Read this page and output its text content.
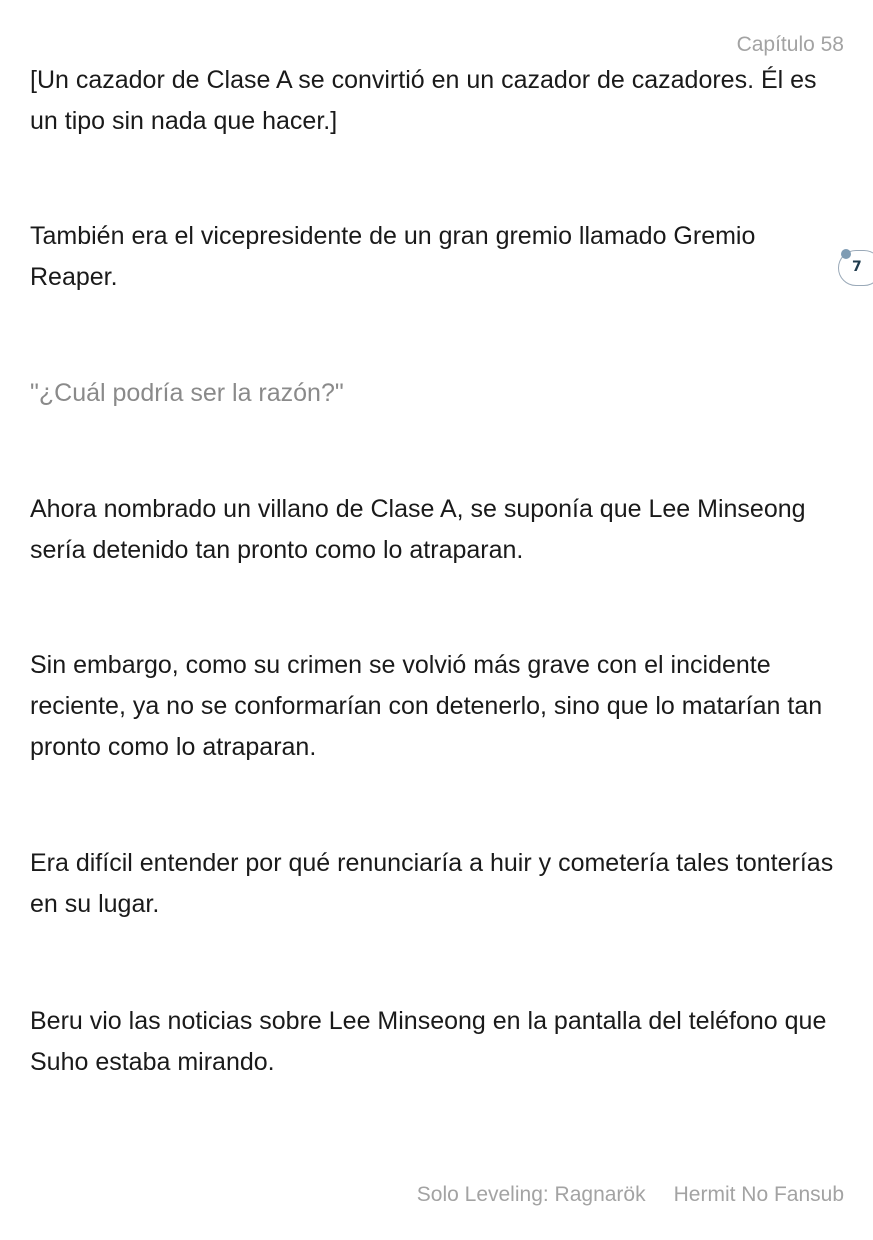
Capítulo 58

[Un cazador de Clase A se convirtió en un cazador de cazadores. Él es un tipo sin nada que hacer.]

También era el vicepresidente de un gran gremio llamado Gremio Reaper.

"¿Cuál podría ser la razón?"

Ahora nombrado un villano de Clase A, se suponía que Lee Minseong sería detenido tan pronto como lo atraparan.

Sin embargo, como su crimen se volvió más grave con el incidente reciente, ya no se conformarían con detenerlo, sino que lo matarían tan pronto como lo atraparan.

Era difícil entender por qué renunciaría a huir y cometería tales tonterías en su lugar.

Beru vio las noticias sobre Lee Minseong en la pantalla del teléfono que Suho estaba mirando.

7
Solo Leveling: Ragnarök Hermit No Fansub
